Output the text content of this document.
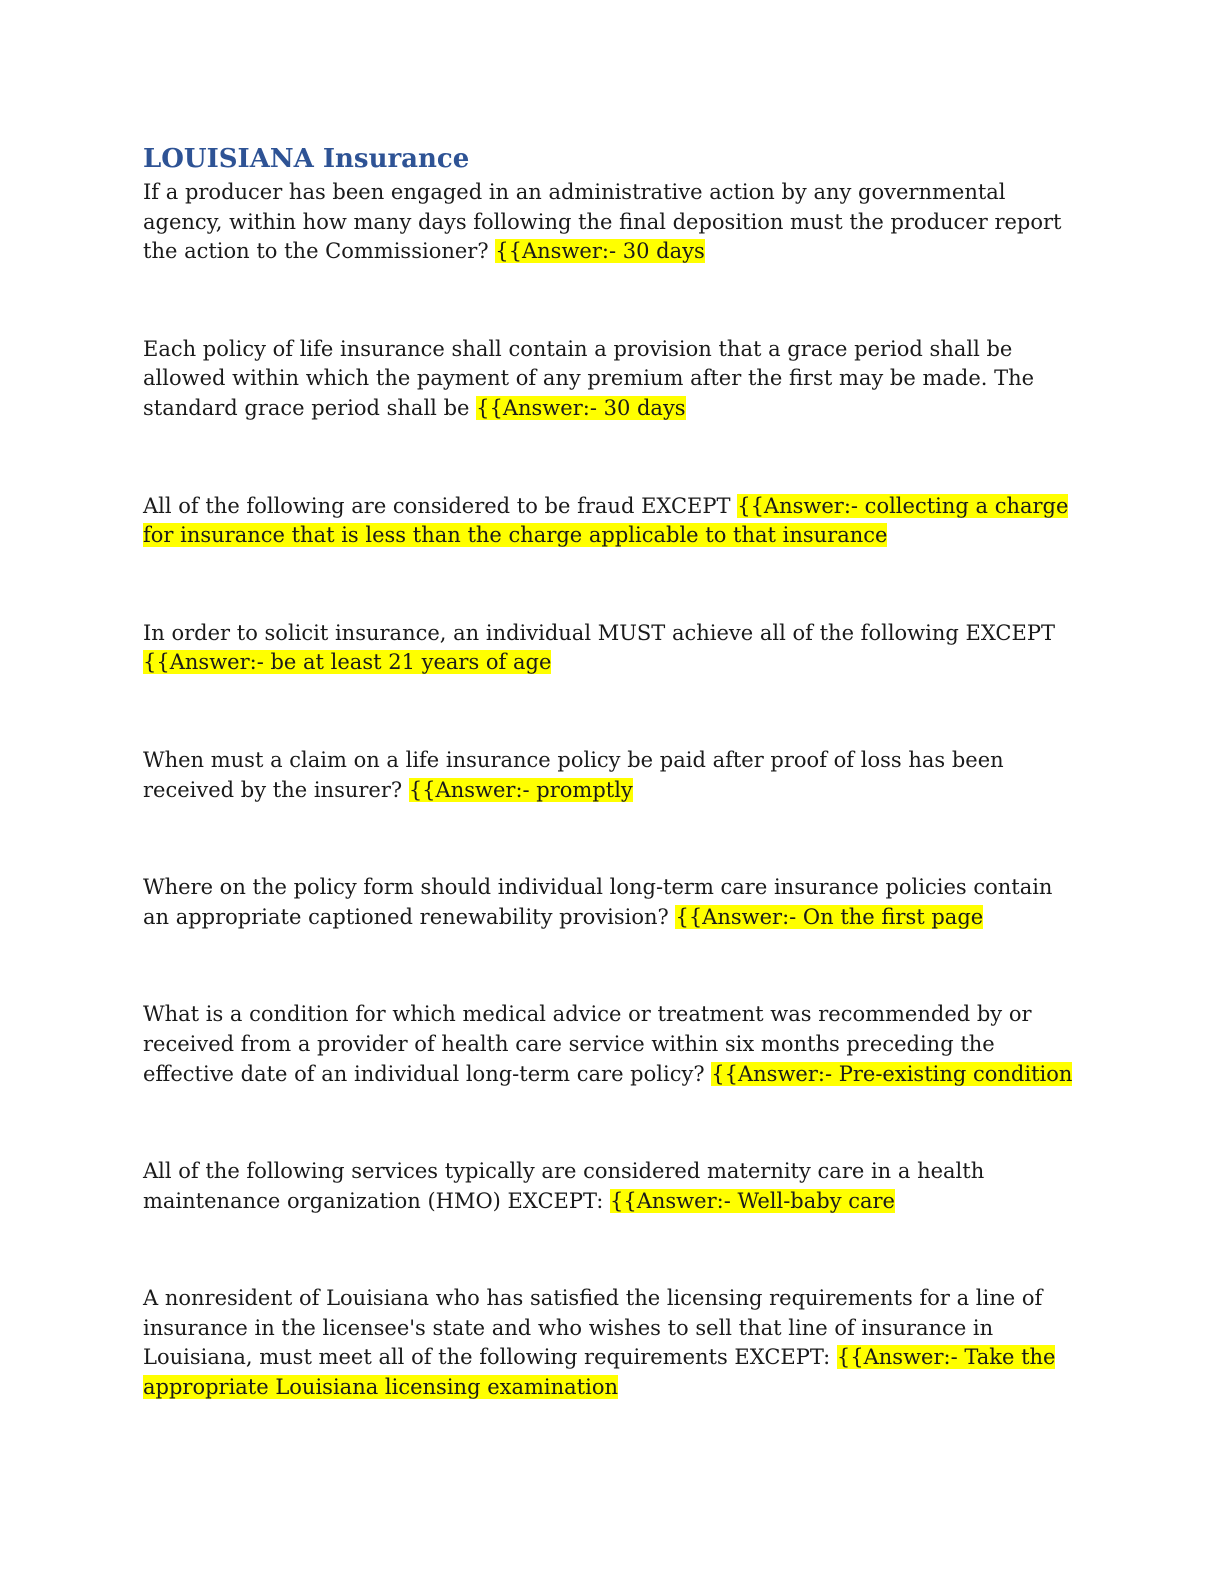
LOUISIANA Insurance

If a producer has been engaged in an administrative action by any governmental agency, within how many days following the final deposition must the producer report the action to the Commissioner? {{Answer:- 30 days

Each policy of life insurance shall contain a provision that a grace period shall be allowed within which the payment of any premium after the first may be made. The standard grace period shall be {{Answer:- 30 days

All of the following are considered to be fraud EXCEPT {{Answer:- collecting a charge for insurance that is less than the charge applicable to that insurance

In order to solicit insurance, an individual MUST achieve all of the following EXCEPT {{Answer:- be at least 21 years of age

When must a claim on a life insurance policy be paid after proof of loss has been received by the insurer? {{Answer:- promptly

Where on the policy form should individual long-term care insurance policies contain an appropriate captioned renewability provision? {{Answer:- On the first page

What is a condition for which medical advice or treatment was recommended by or received from a provider of health care service within six months preceding the effective date of an individual long-term care policy? {{Answer:- Pre-existing condition

All of the following services typically are considered maternity care in a health maintenance organization (HMO) EXCEPT: {{Answer:- Well-baby care

A nonresident of Louisiana who has satisfied the licensing requirements for a line of insurance in the licensee's state and who wishes to sell that line of insurance in Louisiana, must meet all of the following requirements EXCEPT: {{Answer:- Take the appropriate Louisiana licensing examination
